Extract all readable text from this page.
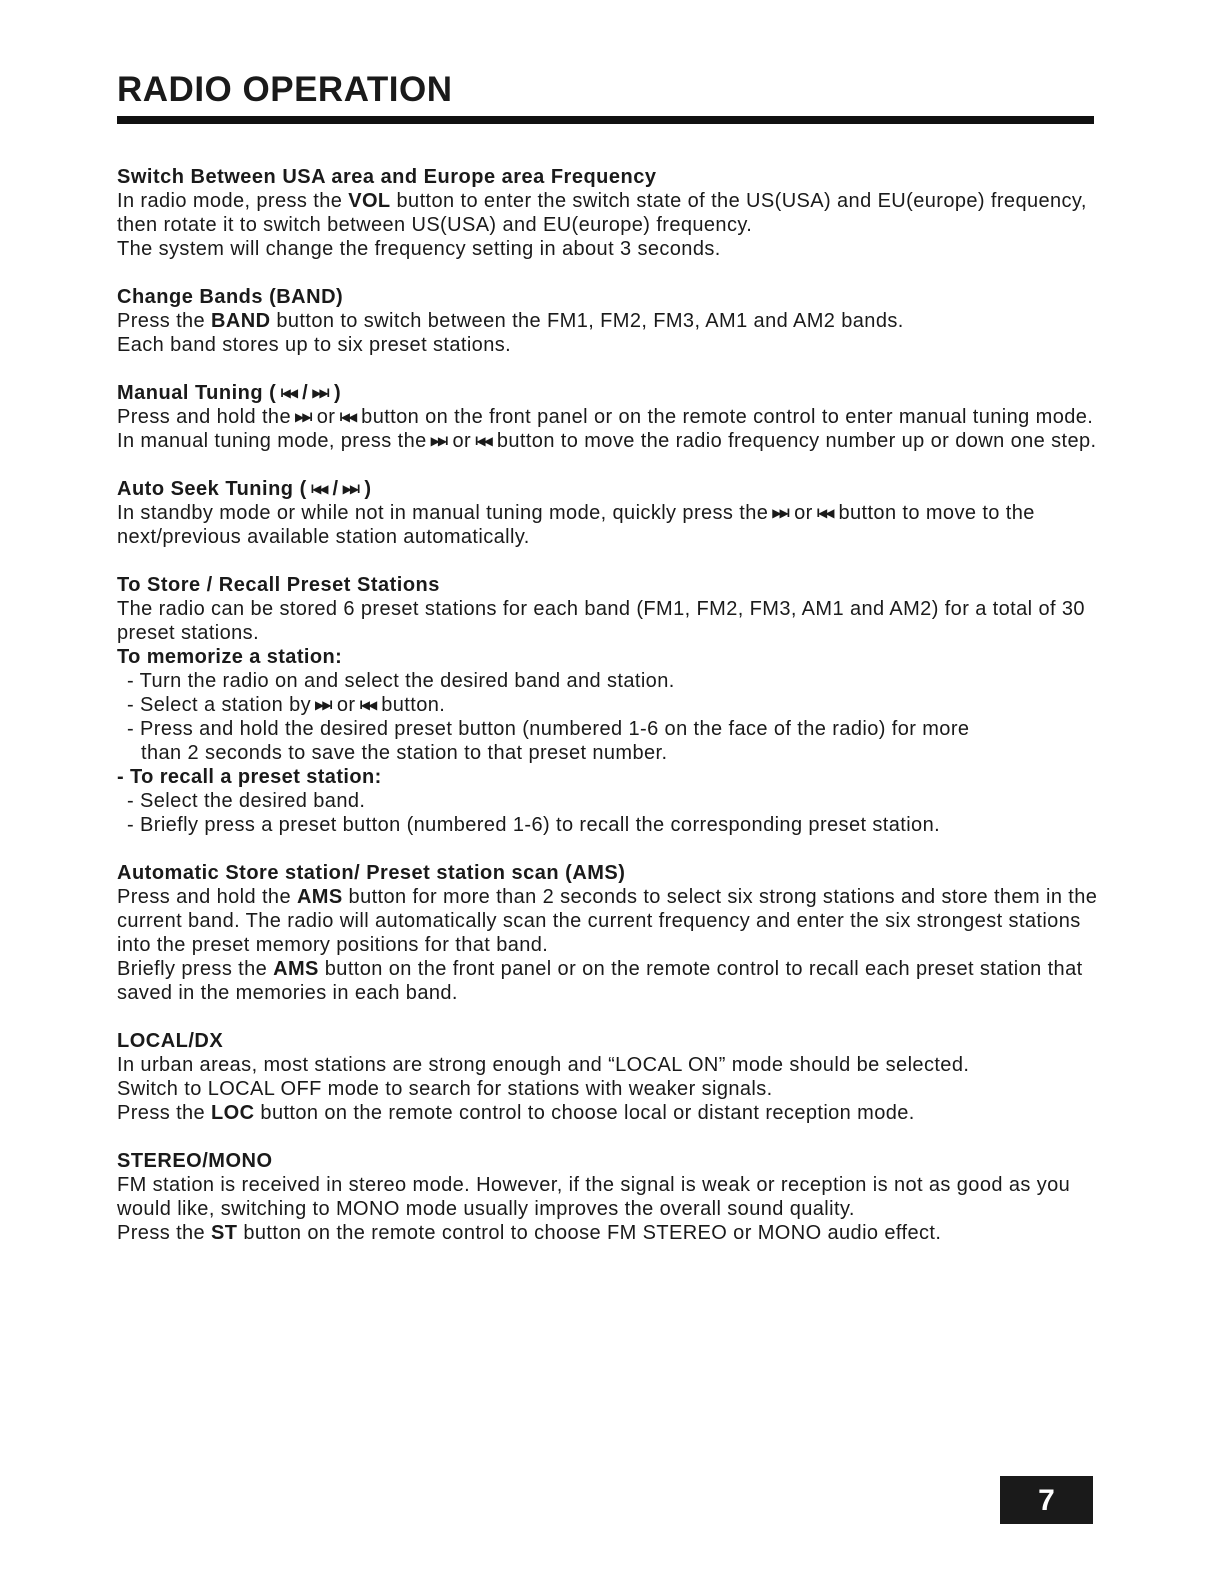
RADIO OPERATION

Switch Between USA area and Europe area Frequency

In radio mode, press the VOL button to enter the switch state of the US(USA) and EU(europe) frequency, then rotate it to switch between US(USA) and EU(europe) frequency.

The system will change the frequency setting in about 3 seconds.

Change Bands (BAND)

Press the BAND button to switch between the FM1, FM2, FM3, AM1 and AM2 bands.

Each band stores up to six preset stations.

Manual Tuning ( I◀◀ / ▶▶I )

Press and hold the ▶▶I or I◀◀ button on the front panel or on the remote control to enter manual tuning mode. In manual tuning mode, press the ▶▶I or I◀◀ button to move the radio frequency number up or down one step.

Auto Seek Tuning ( I◀◀ / ▶▶I )

In standby mode or while not in manual tuning mode, quickly press the ▶▶I or I◀◀ button to move to the next/previous available station automatically.

To Store / Recall Preset Stations

The radio can be stored 6 preset stations for each band (FM1, FM2, FM3, AM1 and AM2) for a total of 30 preset stations.

To memorize a station:

- Turn the radio on and select the desired band and station.

- Select a station by ▶▶I or I◀◀ button.

- Press and hold the desired preset button (numbered 1-6 on the face of the radio) for more

than 2 seconds to save the station to that preset number.

- To recall a preset station:

- Select the desired band.

- Briefly press a preset button (numbered 1-6) to recall the corresponding preset station.

Automatic Store station/ Preset station scan (AMS)

Press and hold the AMS button for more than 2 seconds to select six strong stations and store them in the current band. The radio will automatically scan the current frequency and enter the six strongest stations into the preset memory positions for that band.

Briefly press the AMS button on the front panel or on the remote control to recall each preset station that saved in the memories in each band.

LOCAL/DX

In urban areas, most stations are strong enough and “LOCAL ON” mode should be selected.

Switch to LOCAL OFF mode to search for stations with weaker signals.

Press the LOC button on the remote control to choose local or distant reception mode.

STEREO/MONO

FM station is received in stereo mode. However, if the signal is weak or reception is not as good as you would like, switching to MONO mode usually improves the overall sound quality.

Press the ST button on the remote control to choose FM STEREO or MONO audio effect.

7
